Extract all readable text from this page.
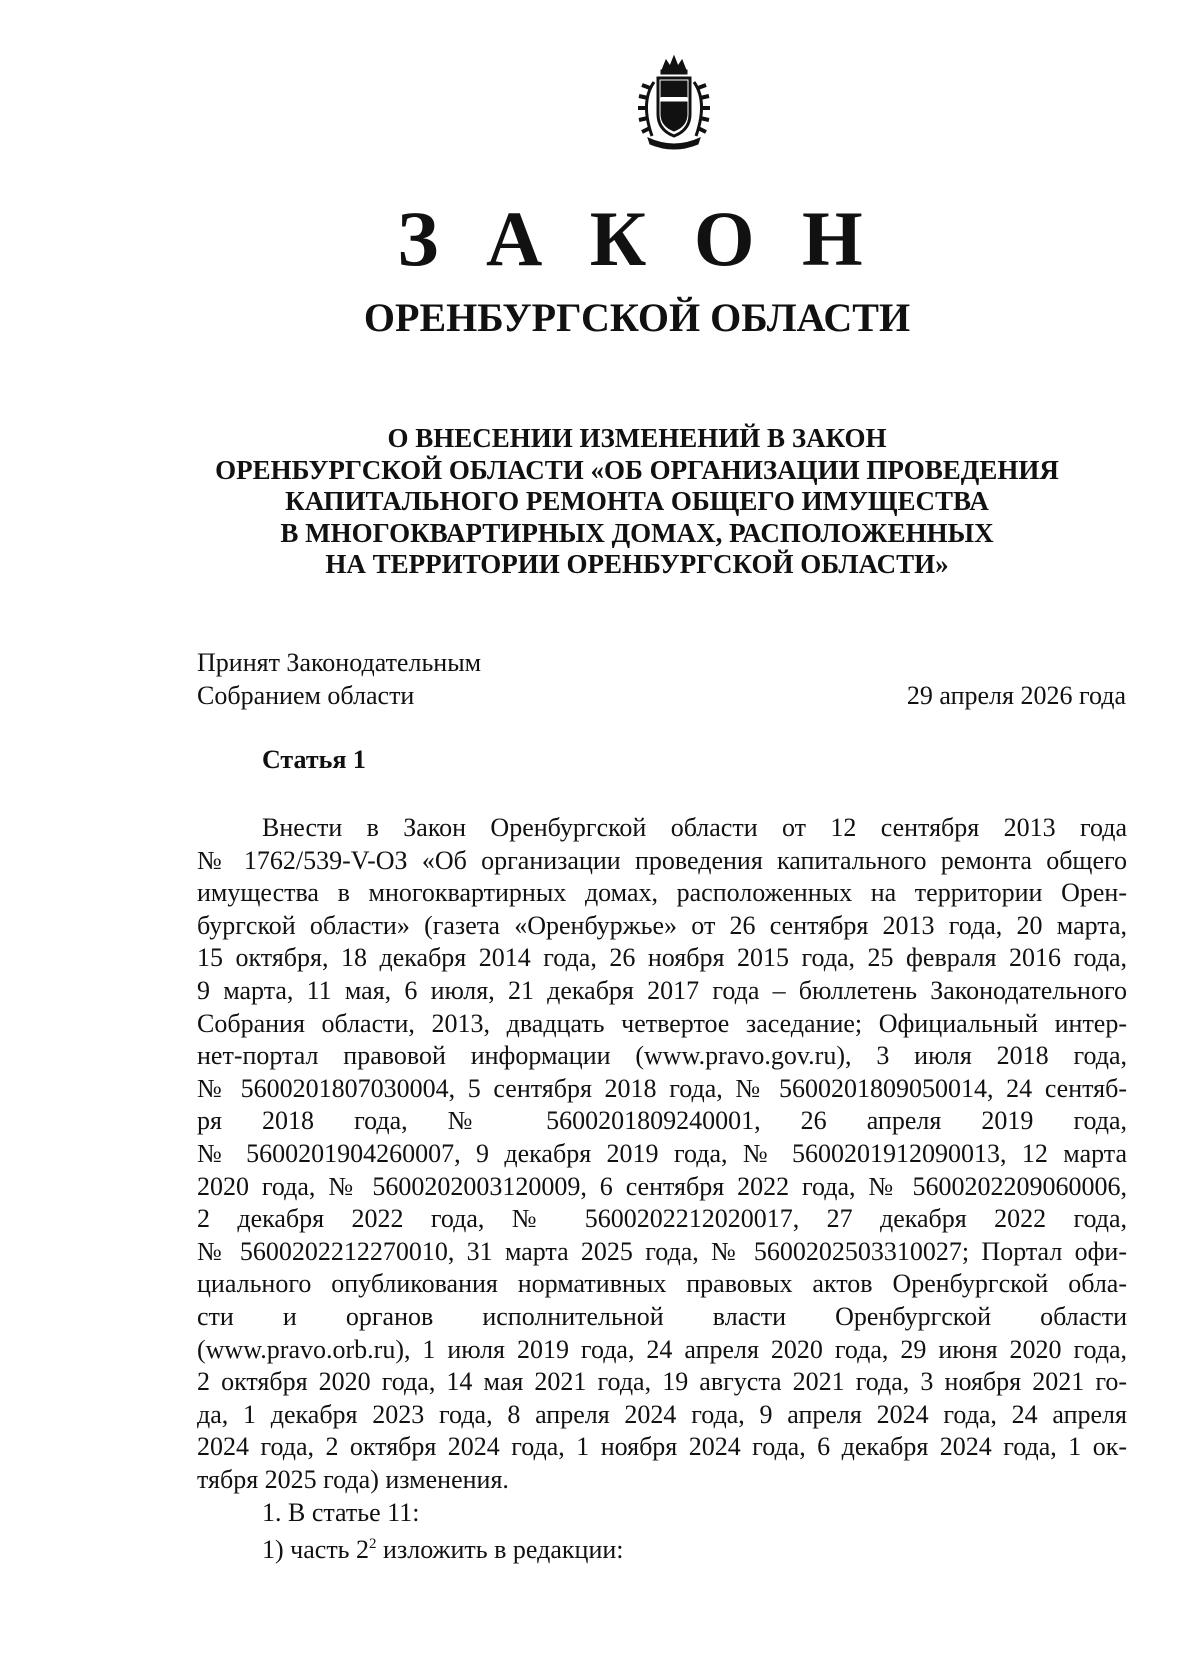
З А К О Н
ОРЕНБУРГСКОЙ ОБЛАСТИ
О ВНЕСЕНИИ ИЗМЕНЕНИЙ В ЗАКОН
ОРЕНБУРГСКОЙ ОБЛАСТИ «ОБ ОРГАНИЗАЦИИ ПРОВЕДЕНИЯ
КАПИТАЛЬНОГО РЕМОНТА ОБЩЕГО ИМУЩЕСТВА
В МНОГОКВАРТИРНЫХ ДОМАХ, РАСПОЛОЖЕННЫХ
НА ТЕРРИТОРИИ ОРЕНБУРГСКОЙ ОБЛАСТИ»
Принят Законодательным
Собранием области	29 апреля 2026 года
Статья 1
Внести в Закон Оренбургской области от 12 сентября 2013 года
№ 1762/539-V-ОЗ «Об организации проведения капитального ремонта общего
имущества в многоквартирных домах, расположенных на территории Орен-
бургской области» (газета «Оренбуржье» от 26 сентября 2013 года, 20 марта,
15 октября, 18 декабря 2014 года, 26 ноября 2015 года, 25 февраля 2016 года,
9 марта, 11 мая, 6 июля, 21 декабря 2017 года – бюллетень Законодательного
Собрания области, 2013, двадцать четвертое заседание; Официальный интер-
нет-портал правовой информации (www.pravo.gov.ru), 3 июля 2018 года,
№ 5600201807030004, 5 сентября 2018 года, № 5600201809050014, 24 сентяб-
ря 2018 года, № 5600201809240001, 26 апреля 2019 года,
№ 5600201904260007, 9 декабря 2019 года, № 5600201912090013, 12 марта
2020 года, № 5600202003120009, 6 сентября 2022 года, № 5600202209060006,
2 декабря 2022 года, № 5600202212020017, 27 декабря 2022 года,
№ 5600202212270010, 31 марта 2025 года, № 5600202503310027; Портал офи-
циального опубликования нормативных правовых актов Оренбургской обла-
сти и органов исполнительной власти Оренбургской области
(www.pravo.orb.ru), 1 июля 2019 года, 24 апреля 2020 года, 29 июня 2020 года,
2 октября 2020 года, 14 мая 2021 года, 19 августа 2021 года, 3 ноября 2021 го-
да, 1 декабря 2023 года, 8 апреля 2024 года, 9 апреля 2024 года, 24 апреля
2024 года, 2 октября 2024 года, 1 ноября 2024 года, 6 декабря 2024 года, 1 ок-
тября 2025 года) изменения.
1. В статье 11:
1) часть $2^2$ изложить в редакции:
